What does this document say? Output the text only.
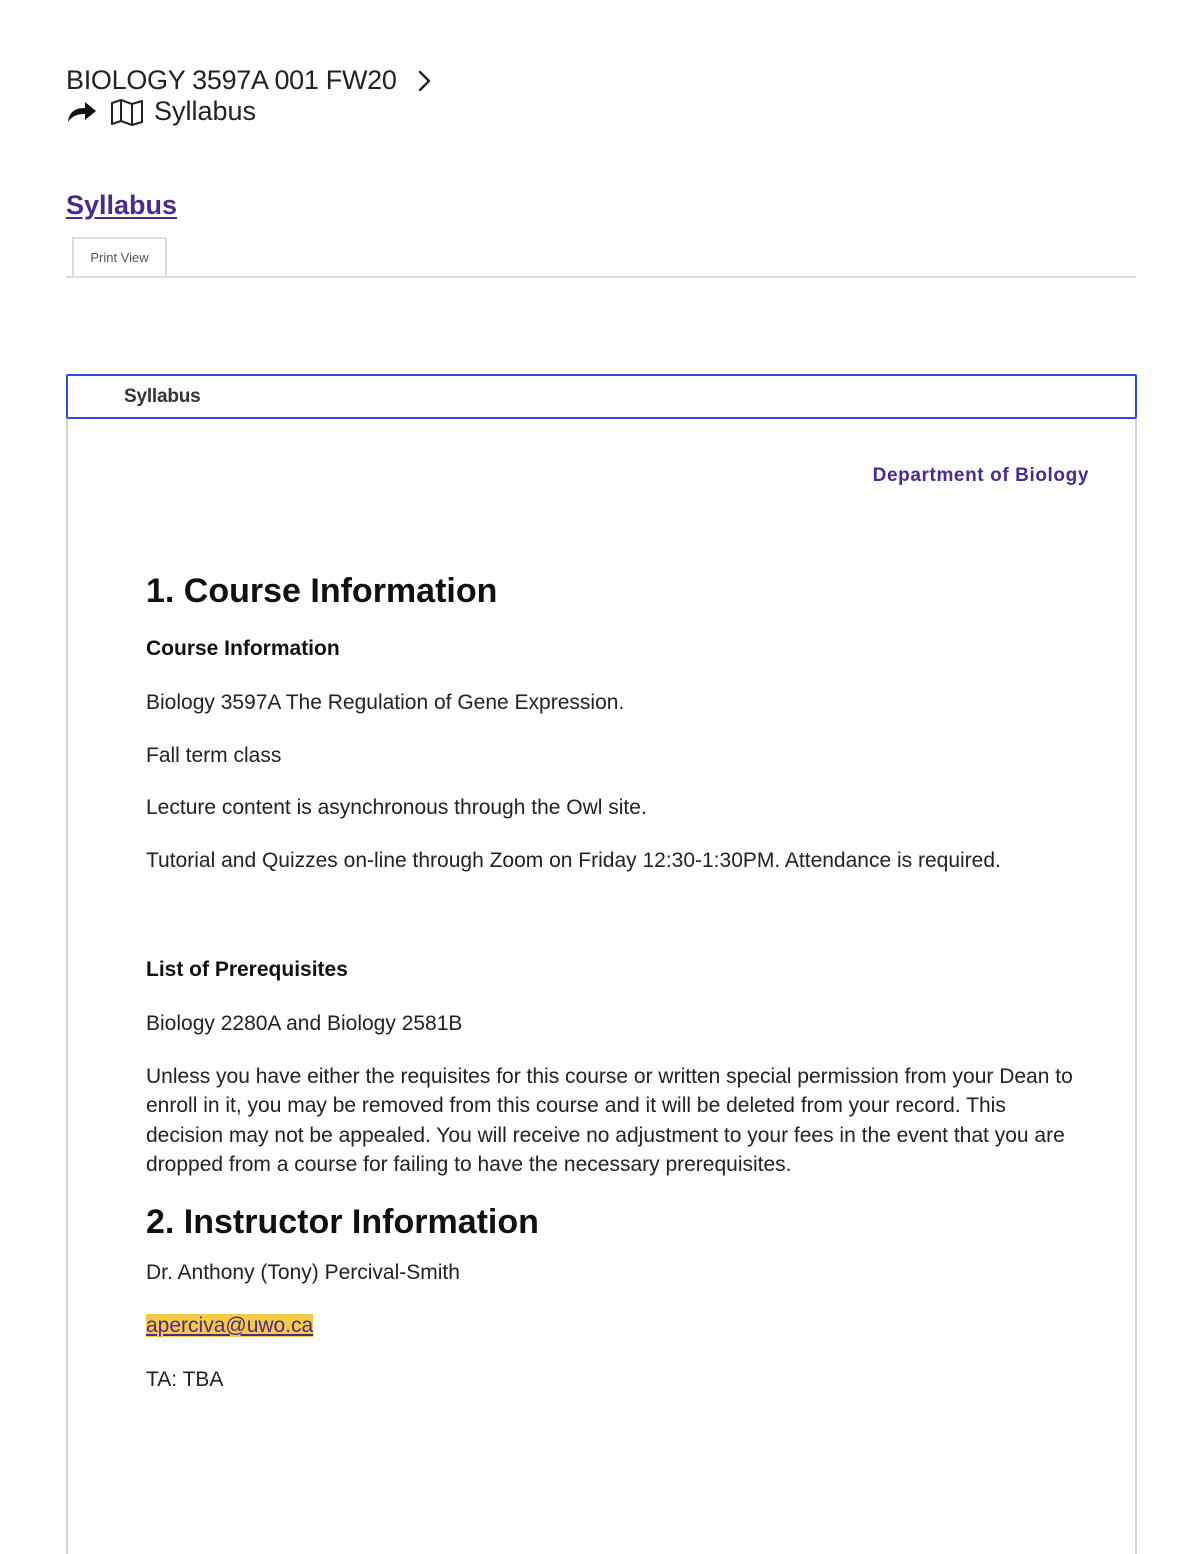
BIOLOGY 3597A 001 FW20
Syllabus
Syllabus
Print View
Syllabus
Department of Biology
1. Course Information
Course Information

Biology 3597A The Regulation of Gene Expression.

Fall term class

Lecture content is asynchronous through the Owl site.

Tutorial and Quizzes on-line through Zoom on Friday 12:30-1:30PM. Attendance is required.

List of Prerequisites

Biology 2280A and Biology 2581B

Unless you have either the requisites for this course or written special permission from your Dean to enroll in it, you may be removed from this course and it will be deleted from your record. This decision may not be appealed. You will receive no adjustment to your fees in the event that you are dropped from a course for failing to have the necessary prerequisites.

2. Instructor Information

Dr. Anthony (Tony) Percival-Smith

aperciva@uwo.ca

TA: TBA
